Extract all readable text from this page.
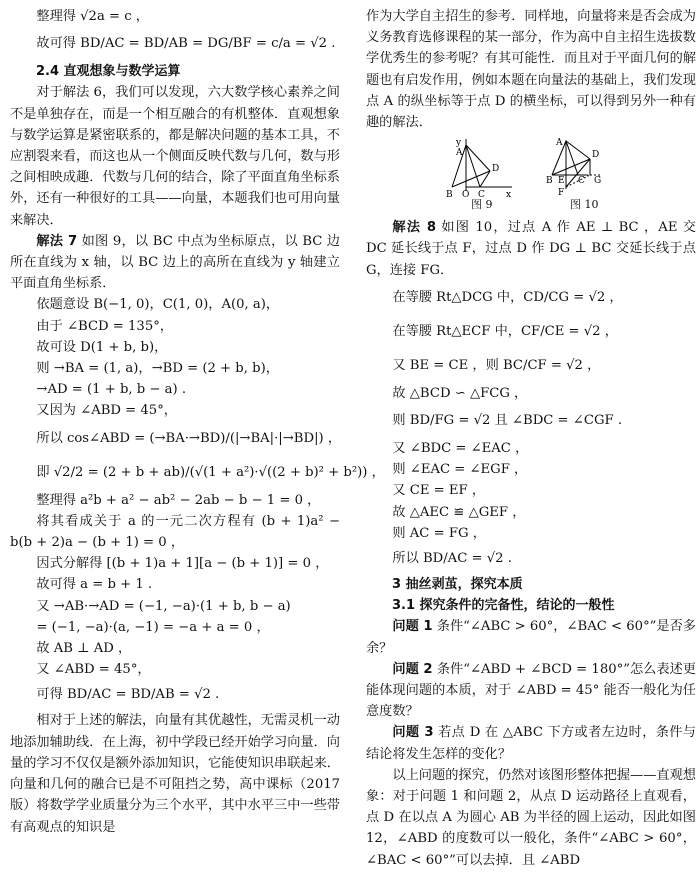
整理得 √2a = c ，

故可得 BD/AC = BD/AB = DG/BF = c/a = √2 .

2.4 直观想象与数学运算

对于解法 6，我们可以发现，六大数学核心素养之间不是单独存在，而是一个相互融合的有机整体．直观想象与数学运算是紧密联系的，都是解决问题的基本工具，不应割裂来看，而这也从一个侧面反映代数与几何，数与形之间相映成趣．代数与几何的结合，除了平面直角坐标系外，还有一种很好的工具——向量，本题我们也可用向量来解决．

解法 7 如图 9，以 BC 中点为坐标原点，以 BC 边所在直线为 x 轴，以 BC 边上的高所在直线为 y 轴建立平面直角坐标系．

依题意设 B(−1, 0)，C(1, 0)，A(0, a)，

由于 ∠BCD = 135°，

故可设 D(1 + b, b)，

则 →BA = (1, a)，→BD = (2 + b, b)，

→AD = (1 + b, b − a) .

又因为 ∠ABD = 45°，

所以 cos∠ABD = (→BA·→BD)/(|→BA|·|→BD|) ，

即 √2/2 = (2 + b + ab)/(√(1 + a²)·√((2 + b)² + b²)) ，

整理得 a²b + a² − ab² − 2ab − b − 1 = 0 ，

将其看成关于 a 的一元二次方程有 (b + 1)a² − b(b + 2)a − (b + 1) = 0 ，

因式分解得 [(b + 1)a + 1][a − (b + 1)] = 0 ，

故可得 a = b + 1 .

又 →AB·→AD = (−1, −a)·(1 + b, b − a)

= (−1, −a)·(a, −1) = −a + a = 0 ，

故 AB ⊥ AD ，

又 ∠ABD = 45°，

可得 BD/AC = BD/AB = √2 .

相对于上述的解法，向量有其优越性，无需灵机一动地添加辅助线．在上海，初中学段已经开始学习向量．向量的学习不仅仅是额外添加知识，它能使知识串联起来．向量和几何的融合已是不可阻挡之势，高中课标（2017 版）将数学学业质量分为三个水平，其中水平三中一些带有高观点的知识是

作为大学自主招生的参考．同样地，向量将来是否会成为义务教育选修课程的某一部分，作为高中自主招生选拔数学优秀生的参考呢？有其可能性．而且对于平面几何的解题也有启发作用，例如本题在向量法的基础上，我们发现点 A 的纵坐标等于点 D 的横坐标，可以得到另外一种有趣的解法．

y
A
D
B O C x
A
D
B	C G
E
F
图 9	图 10

解法 8 如图 10，过点 A 作 AE ⊥ BC ，AE 交 DC 延长线于点 F，过点 D 作 DG ⊥ BC 交延长线于点 G，连接 FG．

在等腰 Rt△DCG 中，CD/CG = √2 ，

在等腰 Rt△ECF 中，CF/CE = √2 ，

又 BE = CE ，则 BC/CF = √2 ，

故 △BCD ∽ △FCG ，

则 BD/FG = √2 且 ∠BDC = ∠CGF .

又 ∠BDC = ∠EAC ，

则 ∠EAC = ∠EGF ，

又 CE = EF ，

故 △AEC ≌ △GEF ，

则 AC = FG ，

所以 BD/AC = √2 .

3 抽丝剥茧，探究本质

3.1 探究条件的完备性，结论的一般性

问题 1 条件“∠ABC > 60°，∠BAC < 60°”是否多余？

问题 2 条件“∠ABD + ∠BCD = 180°”怎么表述更能体现问题的本质，对于 ∠ABD = 45° 能否一般化为任意度数？

问题 3 若点 D 在 △ABC 下方或者左边时，条件与结论将发生怎样的变化？

以上问题的探究，仍然对该图形整体把握——直观想象：对于问题 1 和问题 2，从点 D 运动路径上直观看，点 D 在以点 A 为圆心 AB 为半径的圆上运动，因此如图 12，∠ABD 的度数可以一般化，条件“∠ABC > 60°，∠BAC < 60°”可以去掉．且 ∠ABD
